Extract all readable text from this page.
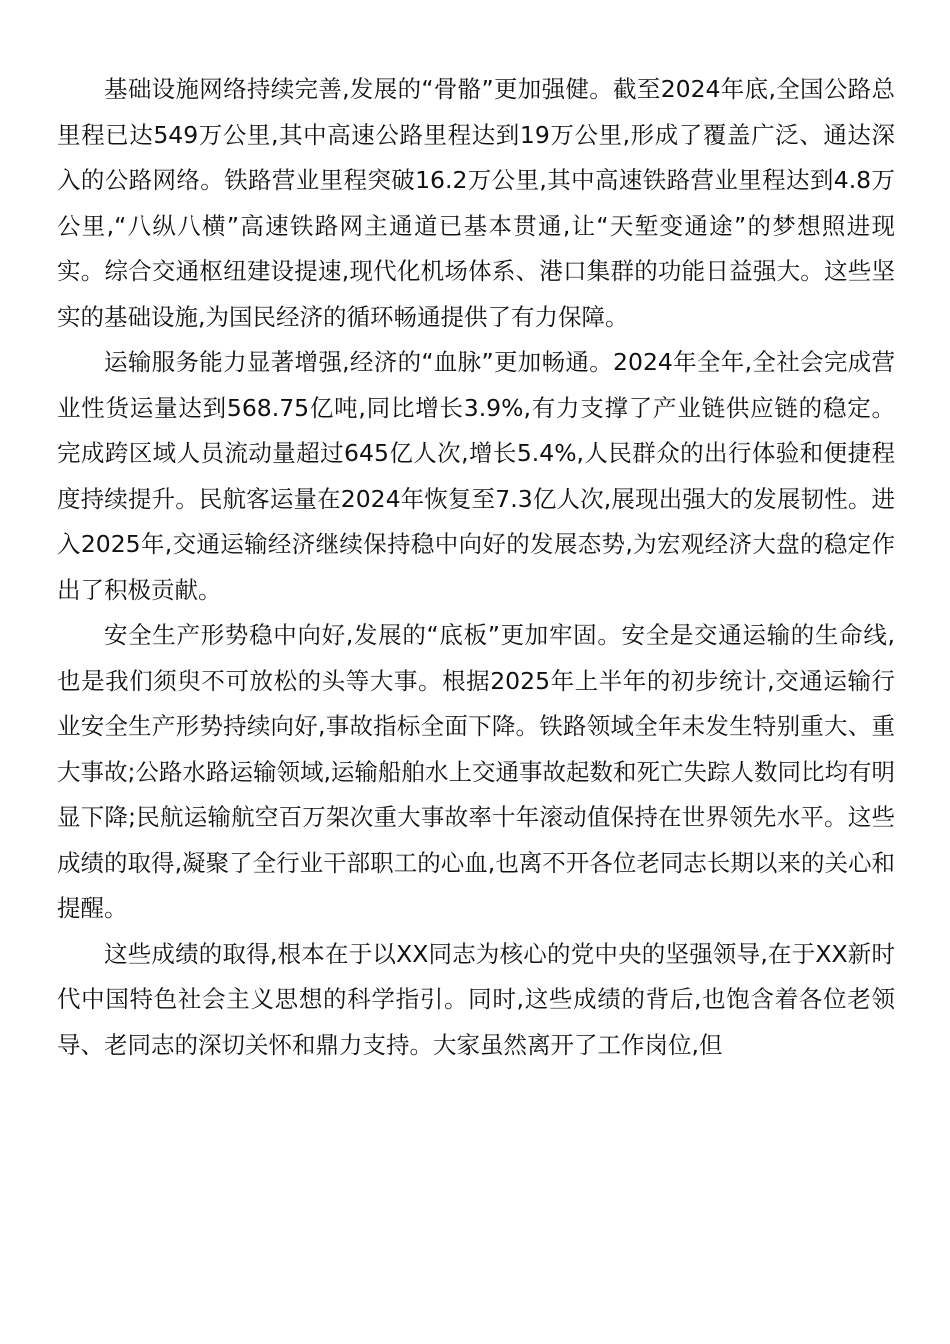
基础设施网络持续完善,发展的“骨骼”更加强健。截至2024年底,全国公路总里程已达549万公里,其中高速公路里程达到19万公里,形成了覆盖广泛、通达深入的公路网络。铁路营业里程突破16.2万公里,其中高速铁路营业里程达到4.8万公里,“八纵八横”高速铁路网主通道已基本贯通,让“天堑变通途”的梦想照进现实。综合交通枢纽建设提速,现代化机场体系、港口集群的功能日益强大。这些坚实的基础设施,为国民经济的循环畅通提供了有力保障。

运输服务能力显著增强,经济的“血脉”更加畅通。2024年全年,全社会完成营业性货运量达到568.75亿吨,同比增长3.9%,有力支撑了产业链供应链的稳定。完成跨区域人员流动量超过645亿人次,增长5.4%,人民群众的出行体验和便捷程度持续提升。民航客运量在2024年恢复至7.3亿人次,展现出强大的发展韧性。进入2025年,交通运输经济继续保持稳中向好的发展态势,为宏观经济大盘的稳定作出了积极贡献。

安全生产形势稳中向好,发展的“底板”更加牢固。安全是交通运输的生命线,也是我们须臾不可放松的头等大事。根据2025年上半年的初步统计,交通运输行业安全生产形势持续向好,事故指标全面下降。铁路领域全年未发生特别重大、重大事故;公路水路运输领域,运输船舶水上交通事故起数和死亡失踪人数同比均有明显下降;民航运输航空百万架次重大事故率十年滚动值保持在世界领先水平。这些成绩的取得,凝聚了全行业干部职工的心血,也离不开各位老同志长期以来的关心和提醒。

这些成绩的取得,根本在于以XX同志为核心的党中央的坚强领导,在于XX新时代中国特色社会主义思想的科学指引。同时,这些成绩的背后,也饱含着各位老领导、老同志的深切关怀和鼎力支持。大家虽然离开了工作岗位,但
